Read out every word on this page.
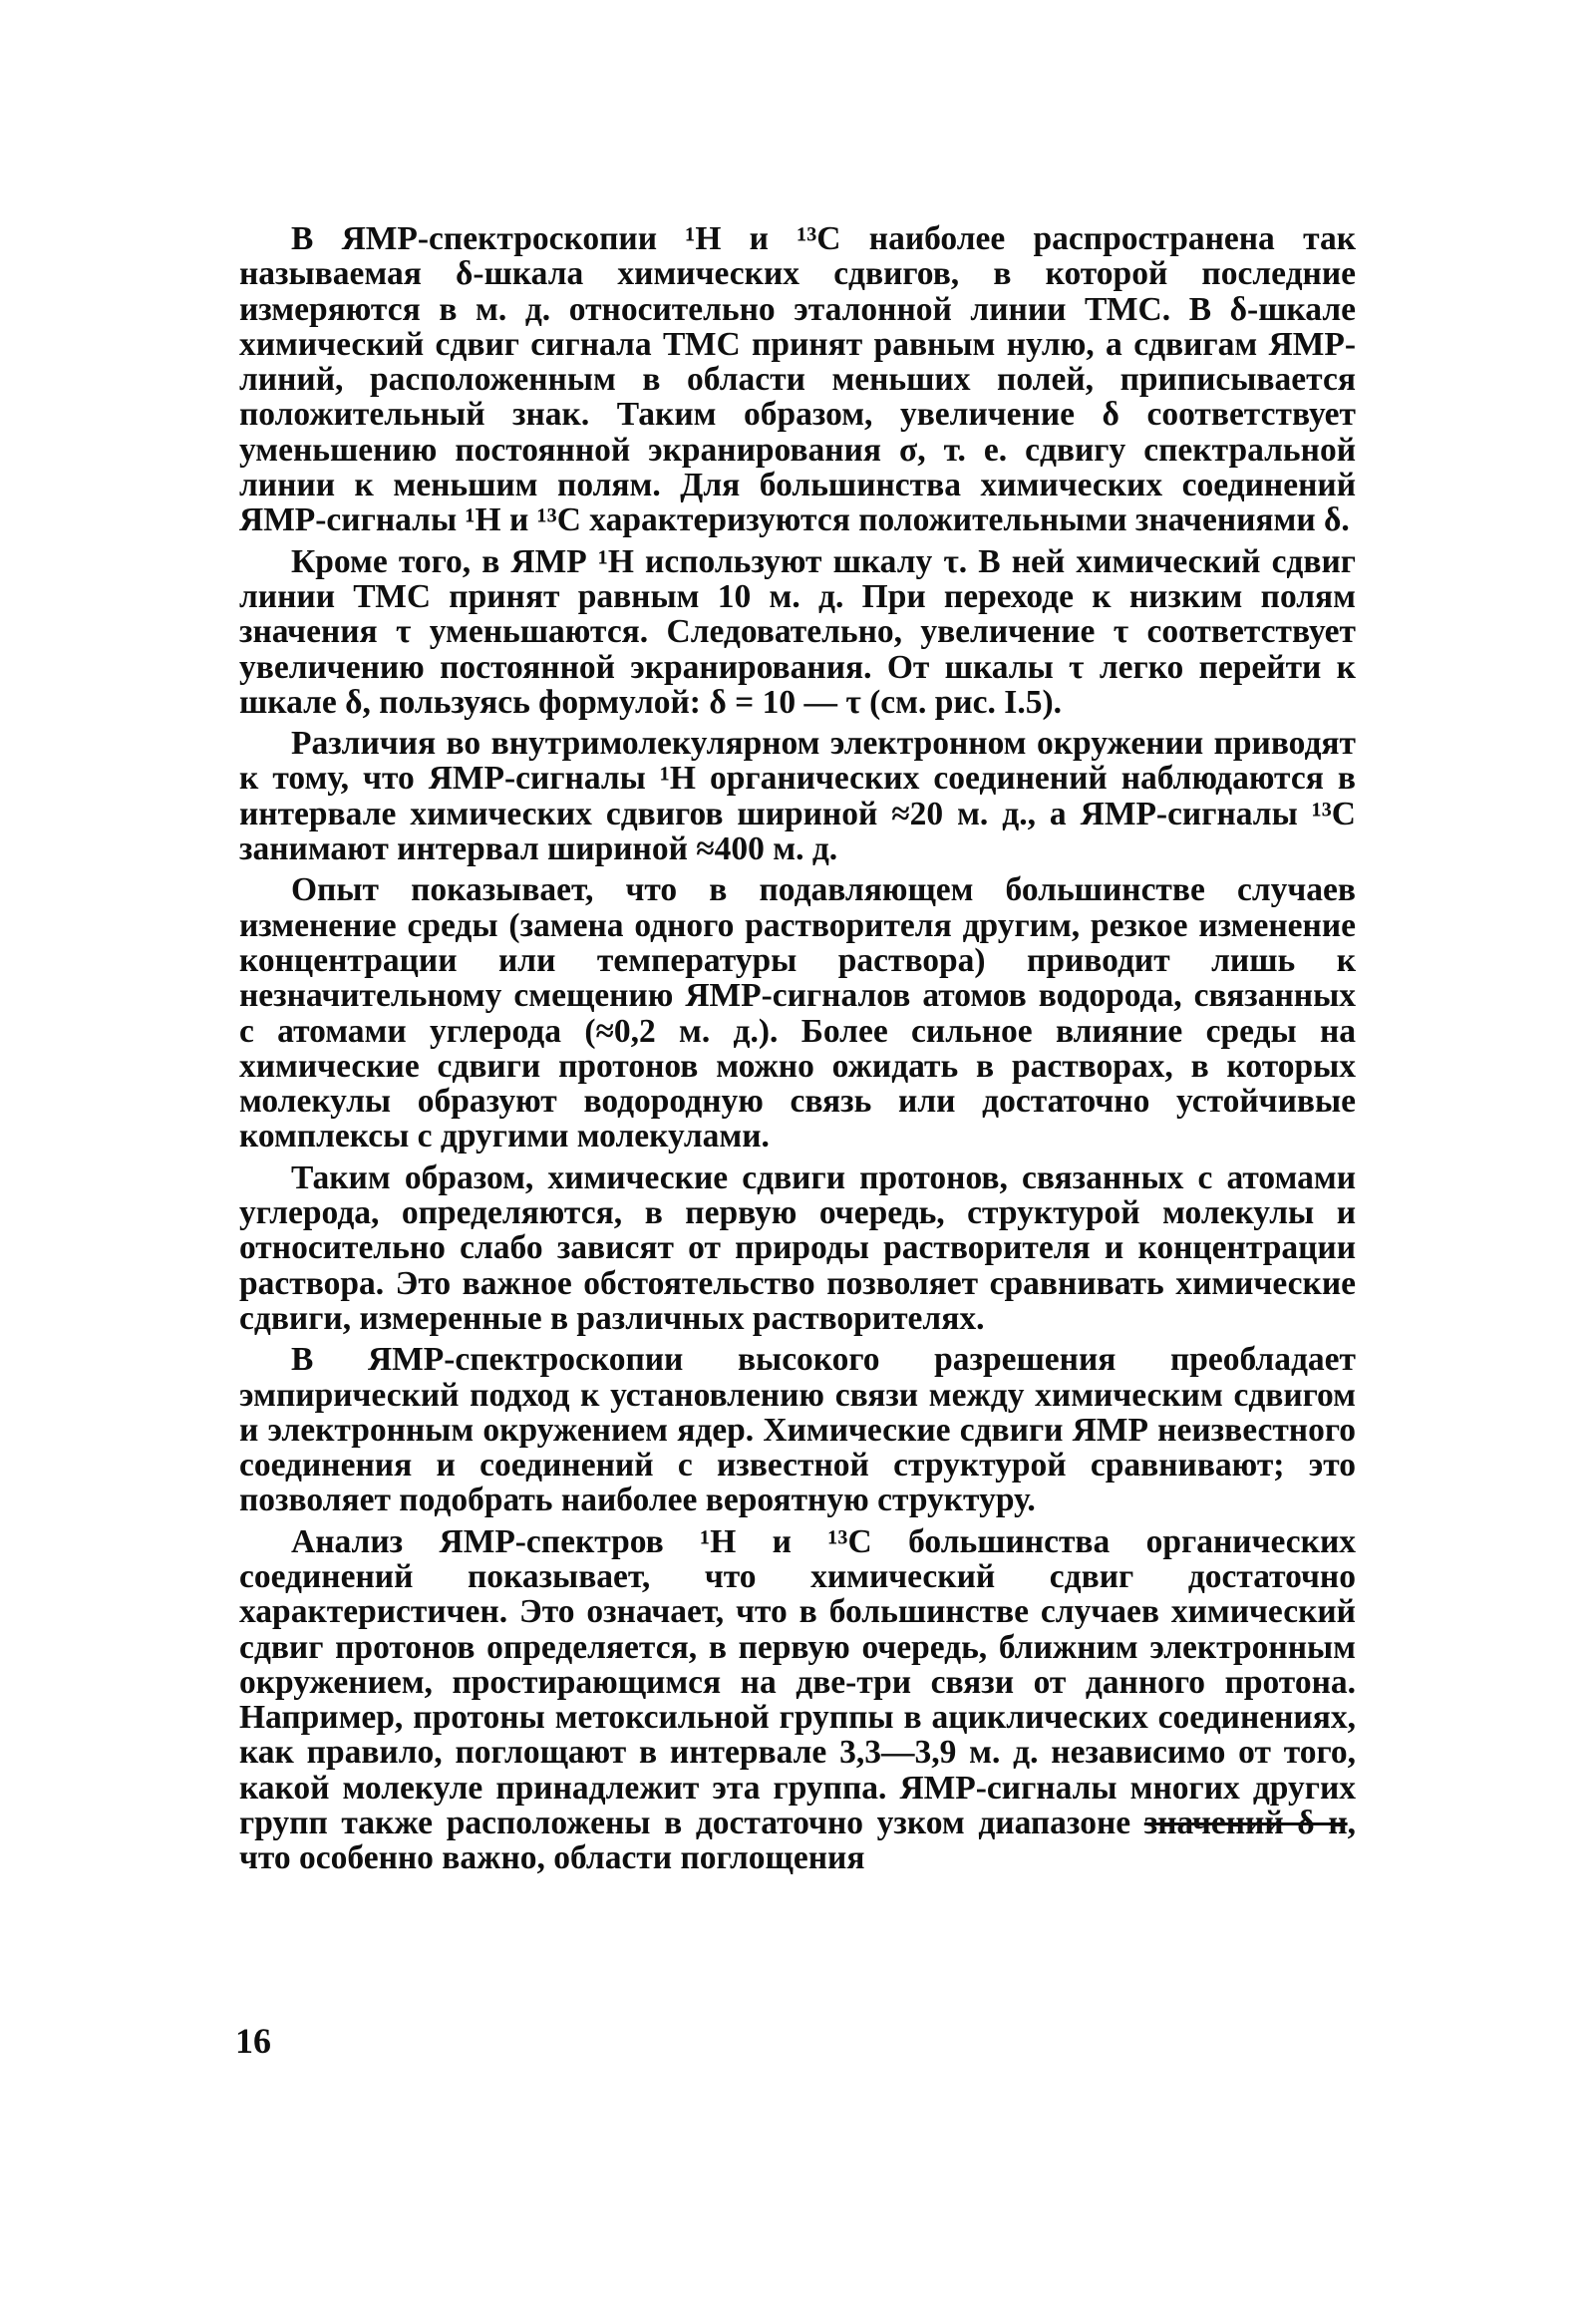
В ЯМР-спектроскопии ¹H и ¹³C наиболее распространена так называемая δ-шкала химических сдвигов, в которой последние измеряются в м. д. относительно эталонной линии ТМС. В δ-шкале химический сдвиг сигнала ТМС принят равным нулю, а сдвигам ЯМР-линий, расположенным в области меньших полей, приписывается положительный знак. Таким образом, увеличение δ соответствует уменьшению постоянной экранирования σ, т. е. сдвигу спектральной линии к меньшим полям. Для большинства химических соединений ЯМР-сигналы ¹H и ¹³C характеризуются положительными значениями δ.

Кроме того, в ЯМР ¹H используют шкалу τ. В ней химический сдвиг линии ТМС принят равным 10 м. д. При переходе к низким полям значения τ уменьшаются. Следовательно, увеличение τ соответствует увеличению постоянной экранирования. От шкалы τ легко перейти к шкале δ, пользуясь формулой: δ = 10 — τ (см. рис. I.5).

Различия во внутримолекулярном электронном окружении приводят к тому, что ЯМР-сигналы ¹H органических соединений наблюдаются в интервале химических сдвигов шириной ≈20 м. д., а ЯМР-сигналы ¹³C занимают интервал шириной ≈400 м. д.

Опыт показывает, что в подавляющем большинстве случаев изменение среды (замена одного растворителя другим, резкое изменение концентрации или температуры раствора) приводит лишь к незначительному смещению ЯМР-сигналов атомов водорода, связанных с атомами углерода (≈0,2 м. д.). Более сильное влияние среды на химические сдвиги протонов можно ожидать в растворах, в которых молекулы образуют водородную связь или достаточно устойчивые комплексы с другими молекулами.

Таким образом, химические сдвиги протонов, связанных с атомами углерода, определяются, в первую очередь, структурой молекулы и относительно слабо зависят от природы растворителя и концентрации раствора. Это важное обстоятельство позволяет сравнивать химические сдвиги, измеренные в различных растворителях.

В ЯМР-спектроскопии высокого разрешения преобладает эмпирический подход к установлению связи между химическим сдвигом и электронным окружением ядер. Химические сдвиги ЯМР неизвестного соединения и соединений с известной структурой сравнивают; это позволяет подобрать наиболее вероятную структуру.

Анализ ЯМР-спектров ¹H и ¹³C большинства органических соединений показывает, что химический сдвиг достаточно характеристичен. Это означает, что в большинстве случаев химический сдвиг протонов определяется, в первую очередь, ближним электронным окружением, простирающимся на две-три связи от данного протона. Например, протоны метоксильной группы в ациклических соединениях, как правило, поглощают в интервале 3,3—3,9 м. д. независимо от того, какой молекуле принадлежит эта группа. ЯМР-сигналы многих других групп также расположены в достаточно узком диапазоне значений δ н, что особенно важно, области поглощения

16
